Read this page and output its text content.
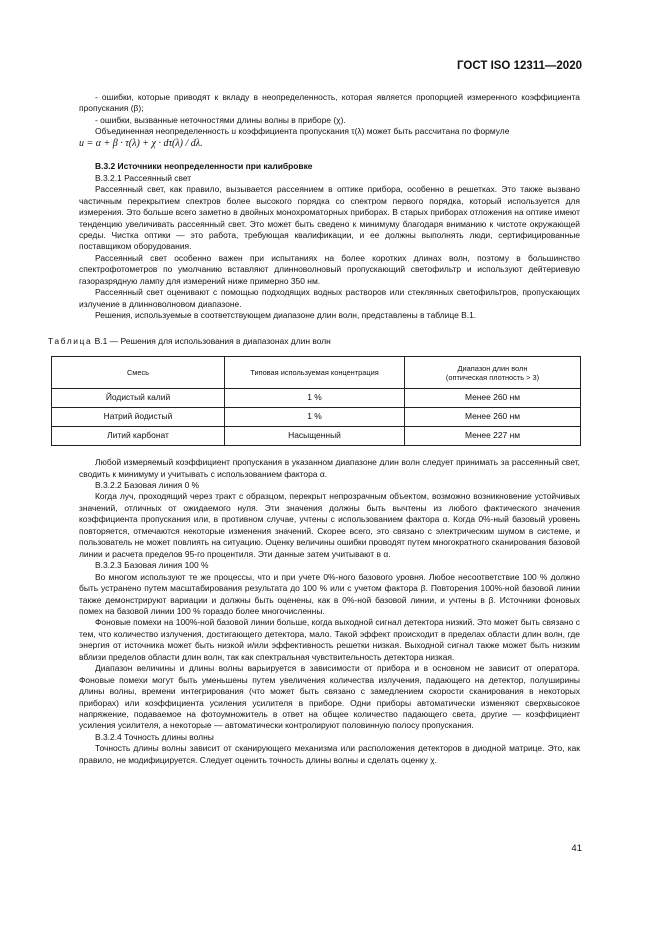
ГОСТ ISO 12311—2020

- ошибки, которые приводят к вкладу в неопределенность, которая является пропорцией измеренного коэффициента пропускания (β);

- ошибки, вызванные неточностями длины волны в приборе (χ).

Объединенная неопределенность u коэффициента пропускания τ(λ) может быть рассчитана по формуле

u = α + β · τ(λ) + χ · dτ(λ) / dλ.

В.3.2 Источники неопределенности при калибровке

В.3.2.1 Рассеянный свет

Рассеянный свет, как правило, вызывается рассеянием в оптике прибора, особенно в решетках. Это также вызвано частичным перекрытием спектров более высокого порядка со спектром первого порядка, который используется для измерения. Это больше всего заметно в двойных монохроматорных приборах. В старых приборах отложения на оптике имеют тенденцию увеличивать рассеянный свет. Это может быть сведено к минимуму благодаря вниманию к чистоте окружающей среды. Чистка оптики — это работа, требующая квалификации, и ее должны выполнять люди, сертифицированные поставщиком оборудования.

Рассеянный свет особенно важен при испытаниях на более коротких длинах волн, поэтому в большинство спектрофотометров по умолчанию вставляют длинноволновый пропускающий светофильтр и используют дейтериевую газоразрядную лампу для измерений ниже примерно 350 нм.

Рассеянный свет оценивают с помощью подходящих водных растворов или стеклянных светофильтров, пропускающих излучение в длинноволновом диапазоне.

Решения, используемые в соответствующем диапазоне длин волн, представлены в таблице В.1.

Таблица В.1 — Решения для использования в диапазонах длин волн

Смесь	Типовая используемая концентрация	Диапазон длин волн
(оптическая плотность > 3)
Йодистый калий	1 %	Менее 260 нм
Натрий йодистый	1 %	Менее 260 нм
Литий карбонат	Насыщенный	Менее 227 нм

Любой измеряемый коэффициент пропускания в указанном диапазоне длин волн следует принимать за рассеянный свет, сводить к минимуму и учитывать с использованием фактора α.

В.3.2.2 Базовая линия 0 %

Когда луч, проходящий через тракт с образцом, перекрыт непрозрачным объектом, возможно возникновение устойчивых значений, отличных от ожидаемого нуля. Эти значения должны быть вычтены из любого фактического значения коэффициента пропускания или, в противном случае, учтены с использованием фактора α. Когда 0%-ный базовый уровень повторяется, отмечаются некоторые изменения значений. Скорее всего, это связано с электрическим шумом в системе, и пользователь не может повлиять на ситуацию. Оценку величины ошибки проводят путем многократного сканирования базовой линии и расчета пределов 95-го процентиля. Эти данные затем учитывают в α.

В.3.2.3 Базовая линия 100 %

Во многом используют те же процессы, что и при учете 0%-ного базового уровня. Любое несоответствие 100 % должно быть устранено путем масштабирования результата до 100 % или с учетом фактора β. Повторения 100%-ной базовой линии также демонстрируют вариации и должны быть оценены, как в 0%-ной базовой линии, и учтены в β. Источники фоновых помех на базовой линии 100 % гораздо более многочисленны.

Фоновые помехи на 100%-ной базовой линии больше, когда выходной сигнал детектора низкий. Это может быть связано с тем, что количество излучения, достигающего детектора, мало. Такой эффект происходит в пределах области длин волн, где энергия от источника может быть низкой и/или эффективность решетки низкая. Выходной сигнал также может быть низким вблизи пределов области длин волн, так как спектральная чувствительность детектора низкая.

Диапазон величины и длины волны варьируется в зависимости от прибора и в основном не зависит от оператора. Фоновые помехи могут быть уменьшены путем увеличения количества излучения, падающего на детектор, полуширины длины волны, времени интегрирования (что может быть связано с замедлением скорости сканирования в некоторых приборах) или коэффициента усиления усилителя в приборе. Одни приборы автоматически изменяют сверхвысокое напряжение, подаваемое на фотоумножитель в ответ на общее количество падающего света, другие — коэффициент усиления усилителя, а некоторые — автоматически контролируют половинную полосу пропускания.

В.3.2.4 Точность длины волны

Точность длины волны зависит от сканирующего механизма или расположения детекторов в диодной матрице. Это, как правило, не модифицируется. Следует оценить точность длины волны и сделать оценку χ.

41
